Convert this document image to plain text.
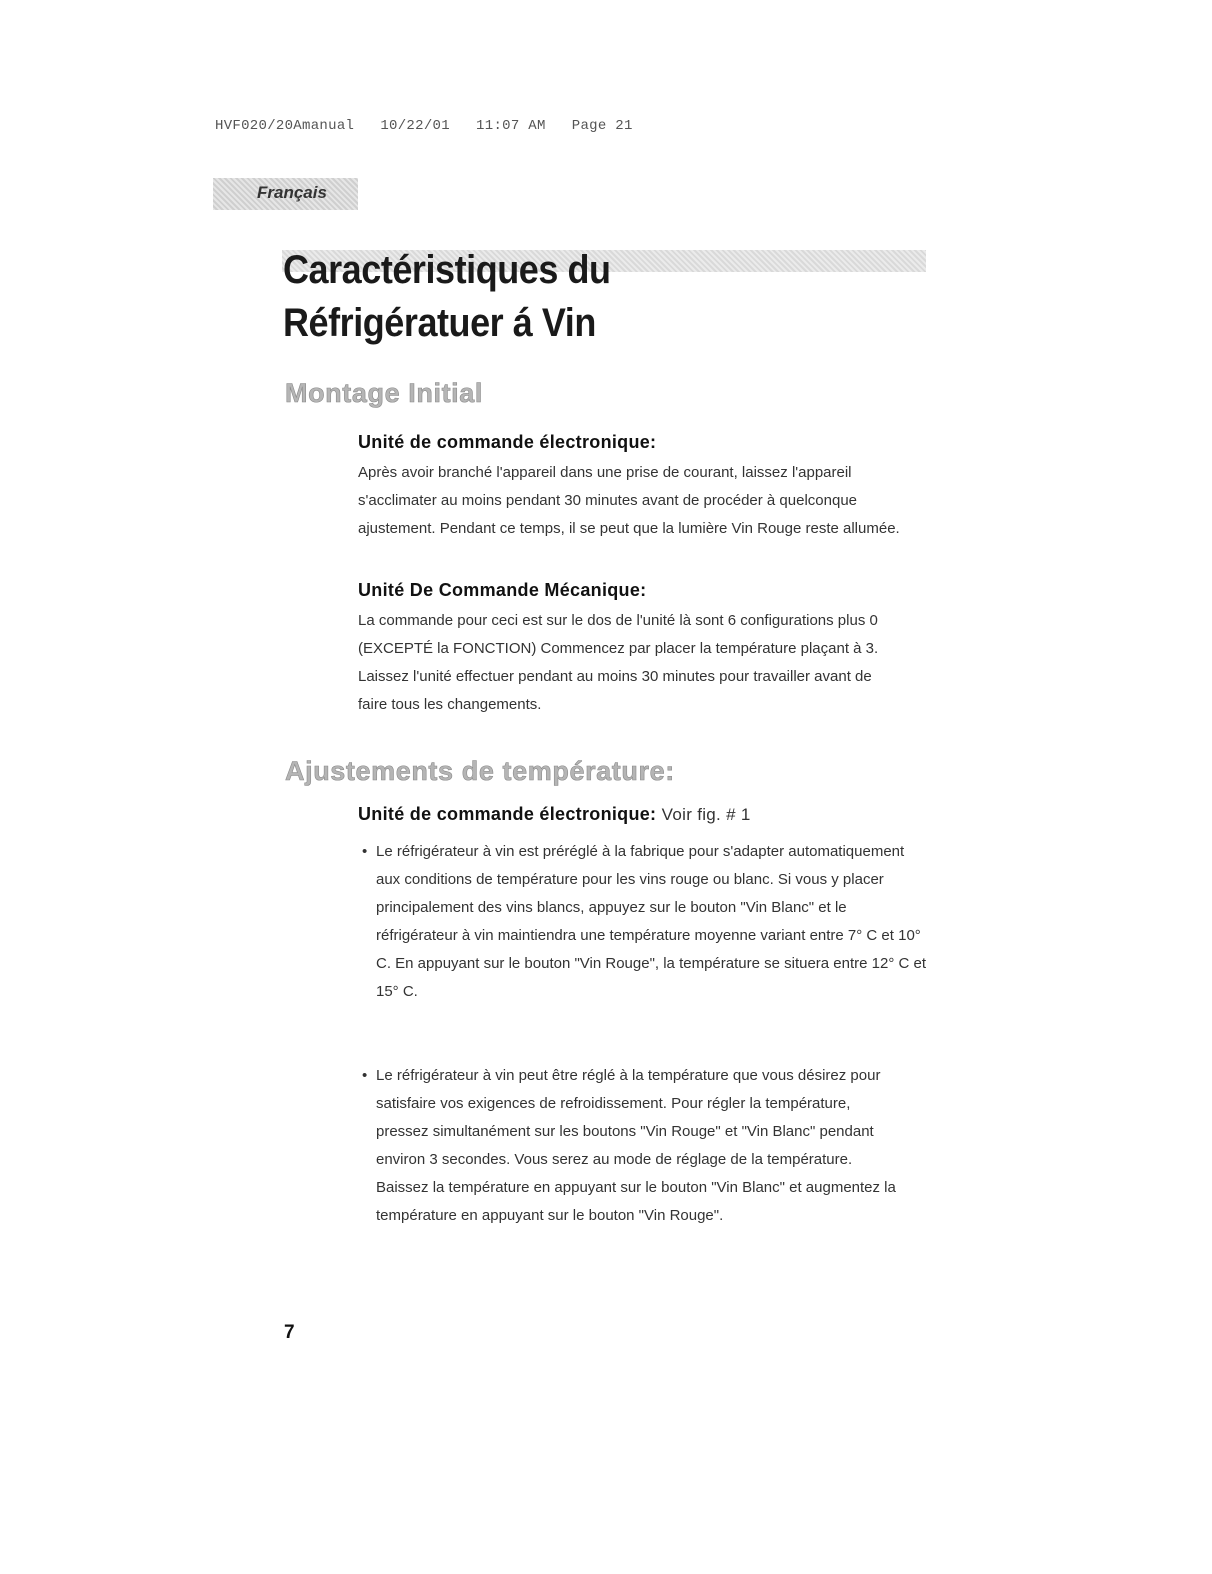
HVF020/20Amanual   10/22/01   11:07 AM   Page 21
Français
Caractéristiques du
Réfrigératuer á Vin
Montage Initial
Unité de commande électronique:

Après avoir branché l'appareil dans une prise de courant, laissez l'appareil s'acclimater au moins pendant 30 minutes avant de procéder à quelconque ajustement. Pendant ce temps, il se peut que la lumière Vin Rouge reste allumée.

Unité De Commande Mécanique:

La commande pour ceci est sur le dos de l'unité là sont 6 configurations plus 0 (EXCEPTÉ la FONCTION) Commencez par placer la température plaçant à 3. Laissez l'unité effectuer pendant au moins 30 minutes pour travailler avant de faire tous les changements.

Ajustements de température:
Unité de commande électronique: Voir fig. # 1
• Le réfrigérateur à vin est préréglé à la fabrique pour s'adapter automatiquement aux conditions de température pour les vins rouge ou blanc. Si vous y placer principalement des vins blancs, appuyez sur le bouton "Vin Blanc" et le réfrigérateur à vin maintiendra une température moyenne variant entre 7° C et 10° C. En appuyant sur le bouton "Vin Rouge", la température se situera entre 12° C et 15° C.

• Le réfrigérateur à vin peut être réglé à la température que vous désirez pour satisfaire vos exigences de refroidissement. Pour régler la température, pressez simultanément sur les boutons "Vin Rouge" et "Vin Blanc" pendant environ 3 secondes. Vous serez au mode de réglage de la température. Baissez la température en appuyant sur le bouton "Vin Blanc" et augmentez la température en appuyant sur le bouton "Vin Rouge".

7
